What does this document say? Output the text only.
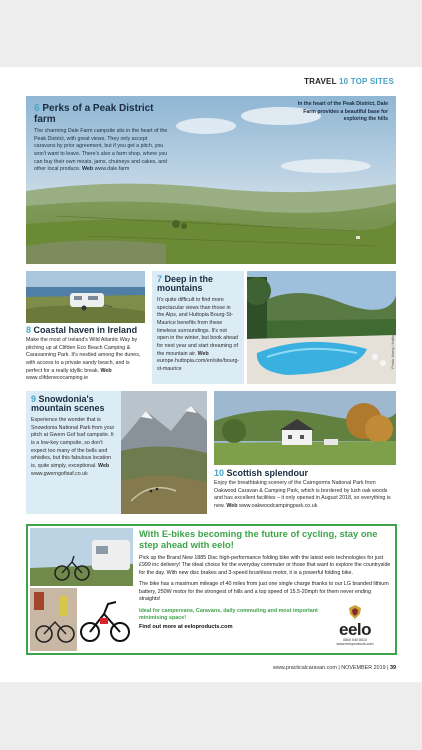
TRAVEL 10 TOP SITES
6 Perks of a Peak District farm

The charming Dale Farm campsite sits in the heart of the Peak District, with great views. They only accept caravans by prior agreement, but if you get a pitch, you won't want to leave. There's also a farm shop, where you can buy their own meats, jams, chutneys and cakes, and other local produce. Web www.dale.farm

In the heart of the Peak District, Dale Farm provides a beautiful base for exploring the hills
8 Coastal haven in Ireland

Make the most of Ireland's Wild Atlantic Way by pitching up at Clifden Eco Beach Camping & Caravanning Park. It's nestled among the dunes, with access to a private sandy beach, and is perfect for a really idyllic break. Web www.clifdenecocamping.ie

7 Deep in the mountains

It's quite difficult to find more spectacular views than those in the Alps, and Huttopia Bourg-St-Maurice benefits from these timeless surroundings. It's not open in the winter, but book ahead for next year and start dreaming of the mountain air. Web europe.huttopia.com/en/site/bourg-st-maurice

Photo: Alamy / Huttopia
9 Snowdonia's mountain scenes

Experience the wonder that is Snowdonia National Park from your pitch at Gwern Gof Isaf campsite. It is a low-key campsite, so don't expect too many of the bells and whistles, but this fabulous location is, quite simply, exceptional. Web www.gwerngofisaf.co.uk	10 Scottish splendour

Enjoy the breathtaking scenery of the Cairngorms National Park from Oakwood Caravan & Camping Park, which is bordered by lush oak woods and has excellent facilities – it only opened in August 2018, so everything is new. Web www.oakwoodcampingpark.co.uk

With E-bikes becoming the future of cycling, stay one step ahead with eelo!

Pick up the Brand New 1885 Disc high-performance folding bike with the latest eelo technologies for just £999 inc delivery! The ideal choice for the everyday commuter or those that want to explore the countryside for the day. With new disc brakes and 3-speed brushless motor, it is a powerful folding bike.

The bike has a maximum mileage of 40 miles from just one single charge thanks to our LG branded lithium battery, 250W motor for the strongest of hills and a top speed of 15.5-20mph for them never ending straights!

Ideal for campervans, Caravans, daily commuting and most important minimising space!

Find out more at eeloproducts.com	eelo
0800 040 8010
www.eeloproducts.com
www.practicalcaravan.com | NOVEMBER 2019 | 39
